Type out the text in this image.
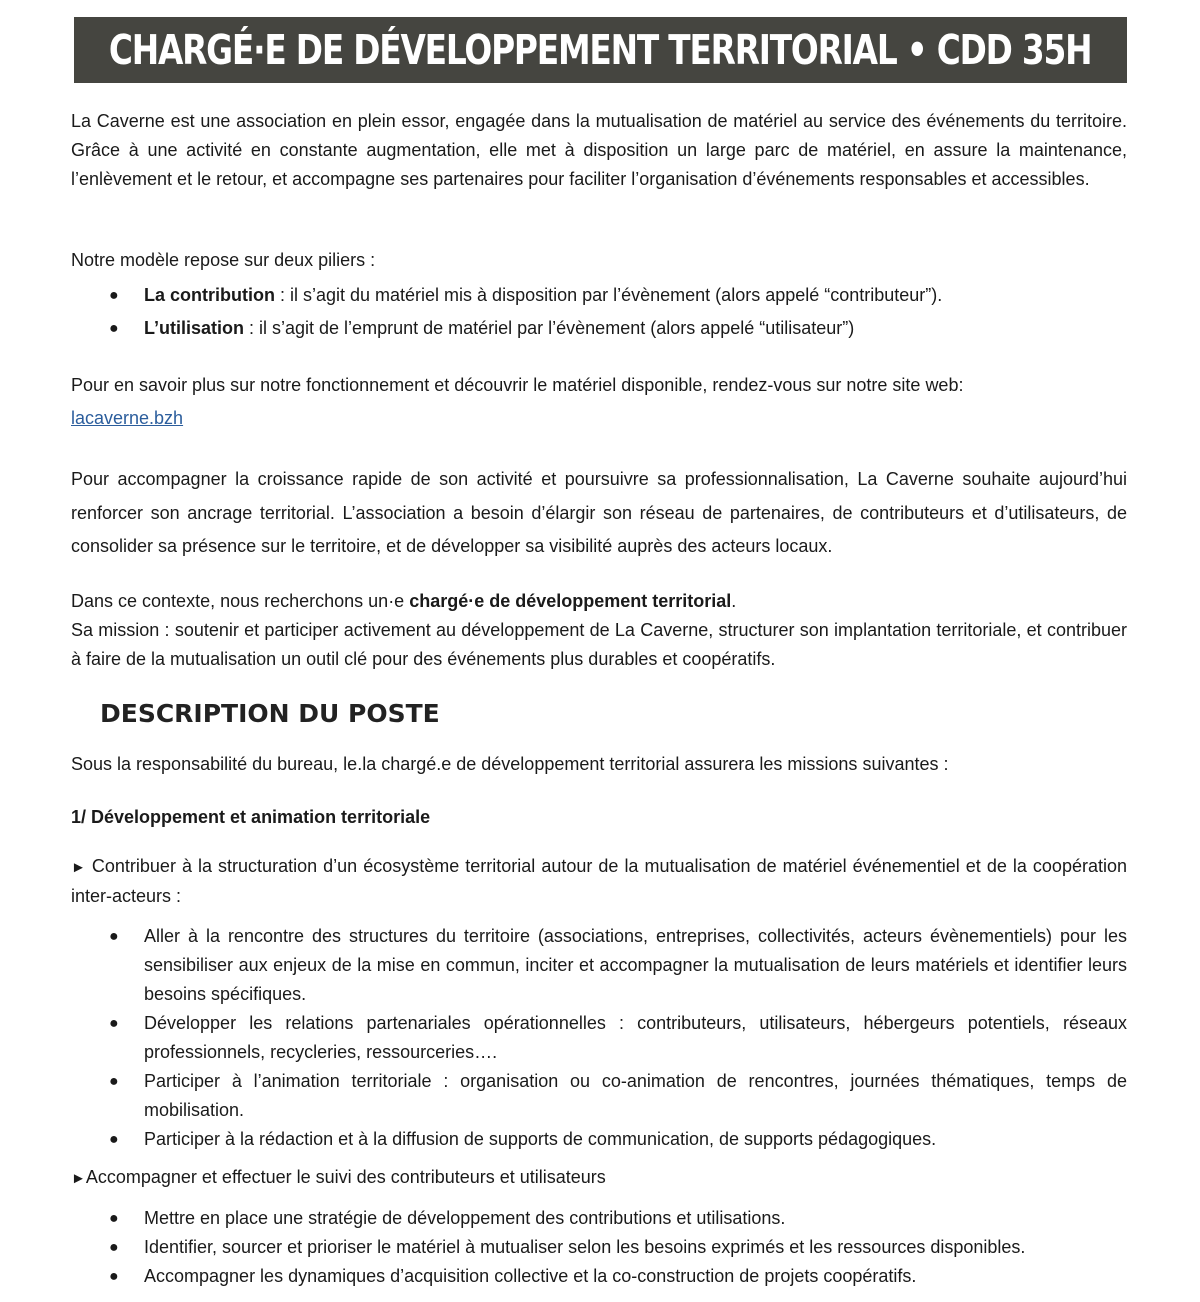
CHARGÉ·E DE DÉVELOPPEMENT TERRITORIAL • CDD 35H

La Caverne est une association en plein essor, engagée dans la mutualisation de matériel au service des événements du territoire. Grâce à une activité en constante augmentation, elle met à disposition un large parc de matériel, en assure la maintenance, l’enlèvement et le retour, et accompagne ses partenaires pour faciliter l’organisation d’événements responsables et accessibles.

Notre modèle repose sur deux piliers :

● La contribution : il s’agit du matériel mis à disposition par l’évènement (alors appelé “contributeur”).
● L’utilisation : il s’agit de l’emprunt de matériel par l’évènement (alors appelé “utilisateur”)
Pour en savoir plus sur notre fonctionnement et découvrir le matériel disponible, rendez-vous sur notre site web:
lacaverne.bzh

Pour accompagner la croissance rapide de son activité et poursuivre sa professionnalisation, La Caverne souhaite aujourd’hui renforcer son ancrage territorial. L’association a besoin d’élargir son réseau de partenaires, de contributeurs et d’utilisateurs, de consolider sa présence sur le territoire, et de développer sa visibilité auprès des acteurs locaux.

Dans ce contexte, nous recherchons un·e chargé·e de développement territorial.

Sa mission : soutenir et participer activement au développement de La Caverne, structurer son implantation territoriale, et contribuer à faire de la mutualisation un outil clé pour des événements plus durables et coopératifs.

DESCRIPTION DU POSTE

Sous la responsabilité du bureau, le.la chargé.e de développement territorial assurera les missions suivantes :

1/ Développement et animation territoriale

► Contribuer à la structuration d’un écosystème territorial autour de la mutualisation de matériel événementiel et de la coopération inter-acteurs :

● Aller à la rencontre des structures du territoire (associations, entreprises, collectivités, acteurs évènementiels) pour les sensibiliser aux enjeux de la mise en commun, inciter et accompagner la mutualisation de leurs matériels et identifier leurs besoins spécifiques.
● Développer les relations partenariales opérationnelles : contributeurs, utilisateurs, hébergeurs potentiels, réseaux professionnels, recycleries, ressourceries….
● Participer à l’animation territoriale : organisation ou co-animation de rencontres, journées thématiques, temps de mobilisation.
● Participer à la rédaction et à la diffusion de supports de communication, de supports pédagogiques.

►Accompagner et effectuer le suivi des contributeurs et utilisateurs

● Mettre en place une stratégie de développement des contributions et utilisations.
● Identifier, sourcer et prioriser le matériel à mutualiser selon les besoins exprimés et les ressources disponibles.
● Accompagner les dynamiques d’acquisition collective et la co-construction de projets coopératifs.
